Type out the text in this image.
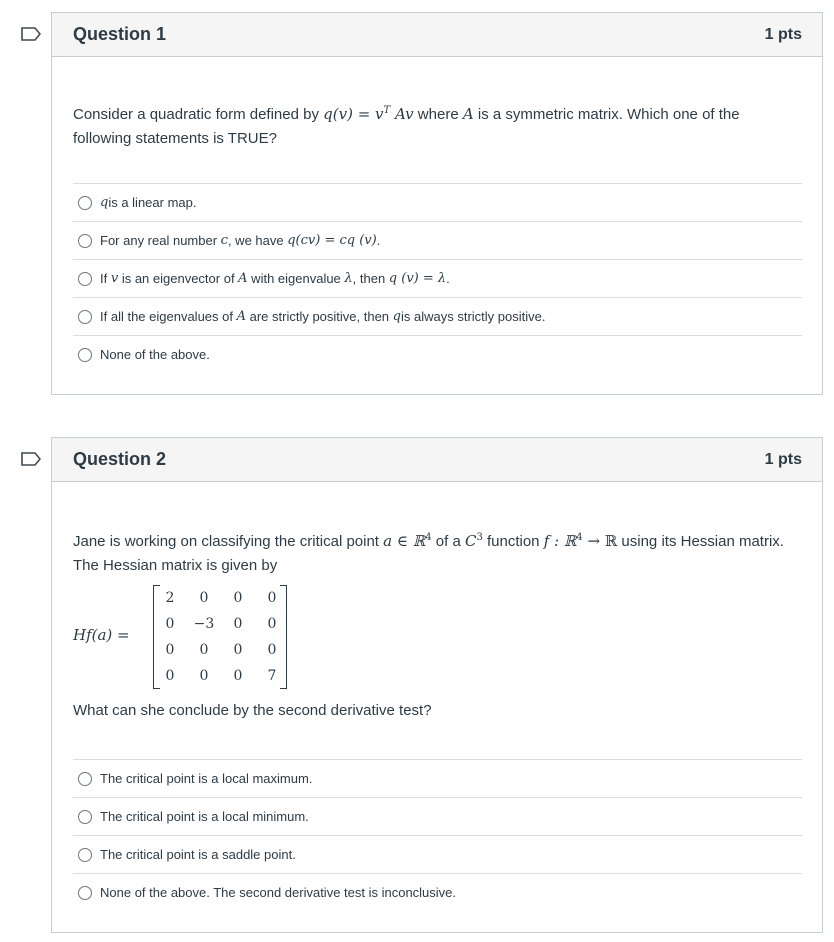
Question 1	1 pts
Consider a quadratic form defined by $q(v) = v^T$ Av where A is a symmetric matrix. Which one of the following statements is TRUE?
q is a linear map.
For any real number c , we have q(cv) = cq (v) .
If v is an eigenvector of A with eigenvalue λ , then q (v) = λ .
If all the eigenvalues of A are strictly positive, then q is always strictly positive.
None of the above.
Question 2	1 pts
Jane is working on classifying the critical point a ∈ ℝ$^4$ of a $C^3$ function f : ℝ$^4$ → ℝ using its Hessian matrix. The Hessian matrix is given by
Hf(a) =
2	0	0	0
0	−3	0	0
0	0	0	0
0	0	0	7
What can she conclude by the second derivative test?
The critical point is a local maximum.
The critical point is a local minimum.
The critical point is a saddle point.
None of the above. The second derivative test is inconclusive.
